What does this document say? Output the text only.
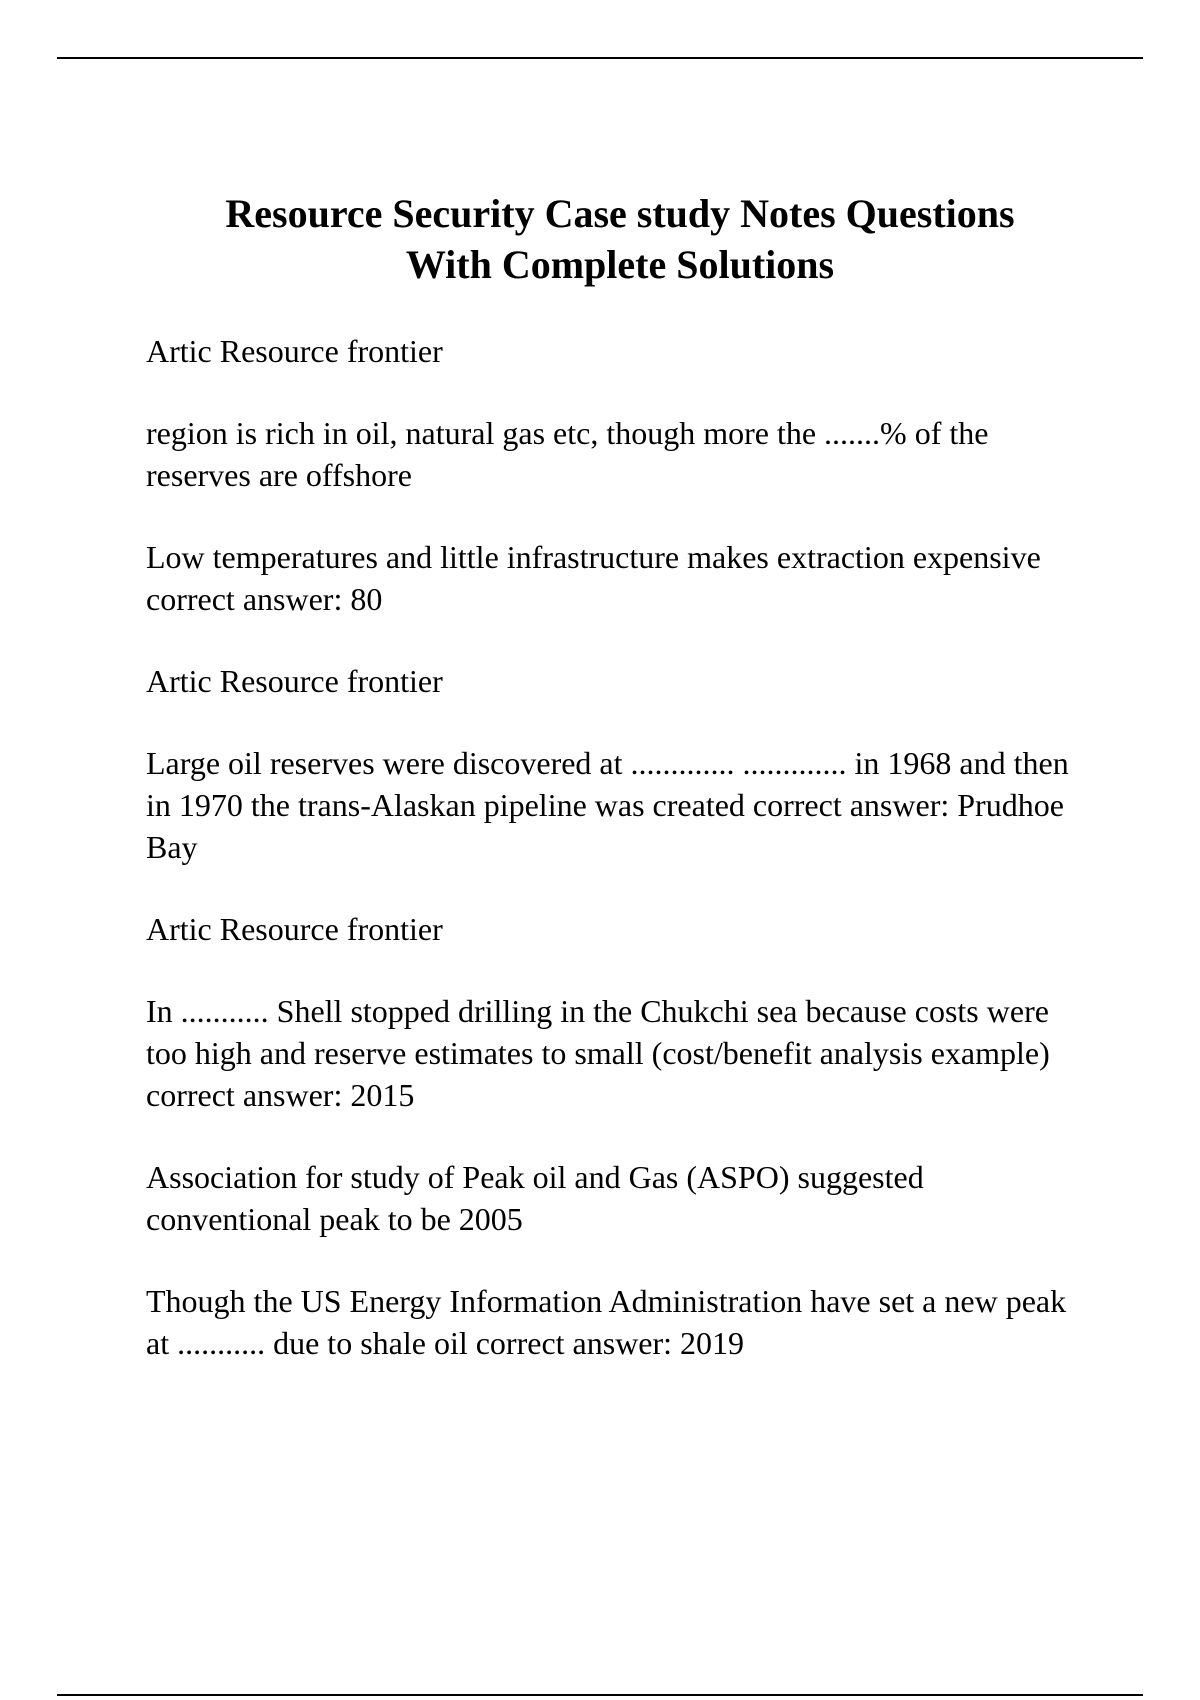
Resource Security Case study Notes Questions
With Complete Solutions

Artic Resource frontier

region is rich in oil, natural gas etc, though more the .......% of the reserves are offshore

Low temperatures and little infrastructure makes extraction expensive correct answer: 80

Artic Resource frontier

Large oil reserves were discovered at ............. ............. in 1968 and then in 1970 the trans-Alaskan pipeline was created correct answer: Prudhoe Bay

Artic Resource frontier

In ........... Shell stopped drilling in the Chukchi sea because costs were too high and reserve estimates to small (cost/benefit analysis example) correct answer: 2015

Association for study of Peak oil and Gas (ASPO) suggested conventional peak to be 2005

Though the US Energy Information Administration have set a new peak at ........... due to shale oil correct answer: 2019
